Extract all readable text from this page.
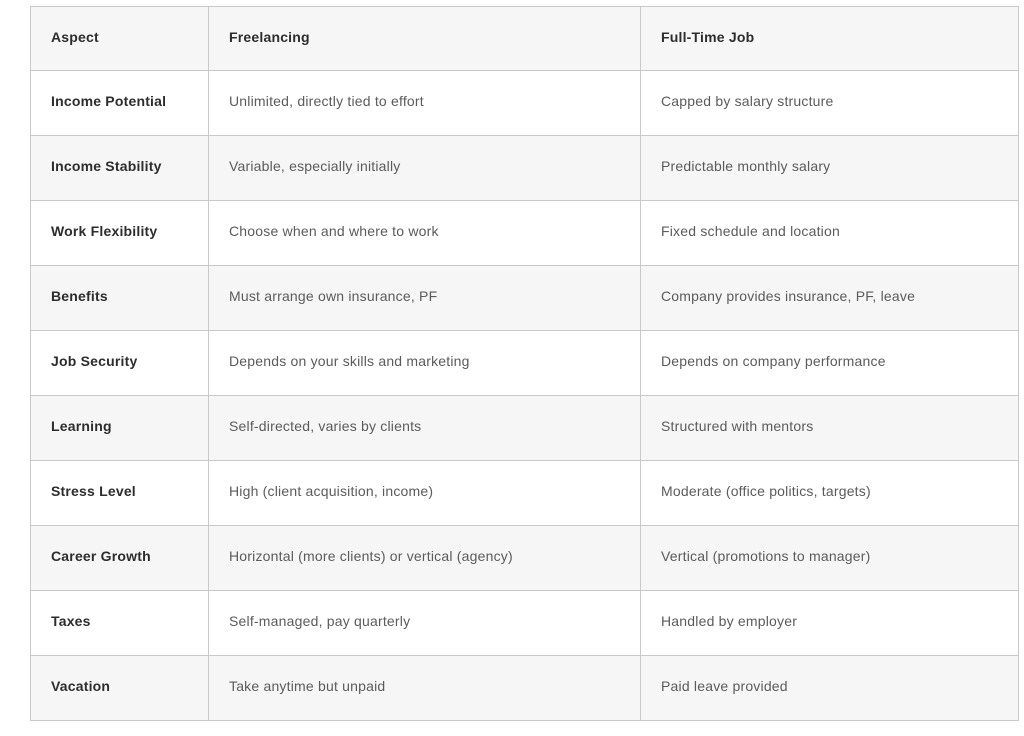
Aspect	Freelancing	Full-Time Job
Income Potential	Unlimited, directly tied to effort	Capped by salary structure
Income Stability	Variable, especially initially	Predictable monthly salary
Work Flexibility	Choose when and where to work	Fixed schedule and location
Benefits	Must arrange own insurance, PF	Company provides insurance, PF, leave
Job Security	Depends on your skills and marketing	Depends on company performance
Learning	Self-directed, varies by clients	Structured with mentors
Stress Level	High (client acquisition, income)	Moderate (office politics, targets)
Career Growth	Horizontal (more clients) or vertical (agency)	Vertical (promotions to manager)
Taxes	Self-managed, pay quarterly	Handled by employer
Vacation	Take anytime but unpaid	Paid leave provided
